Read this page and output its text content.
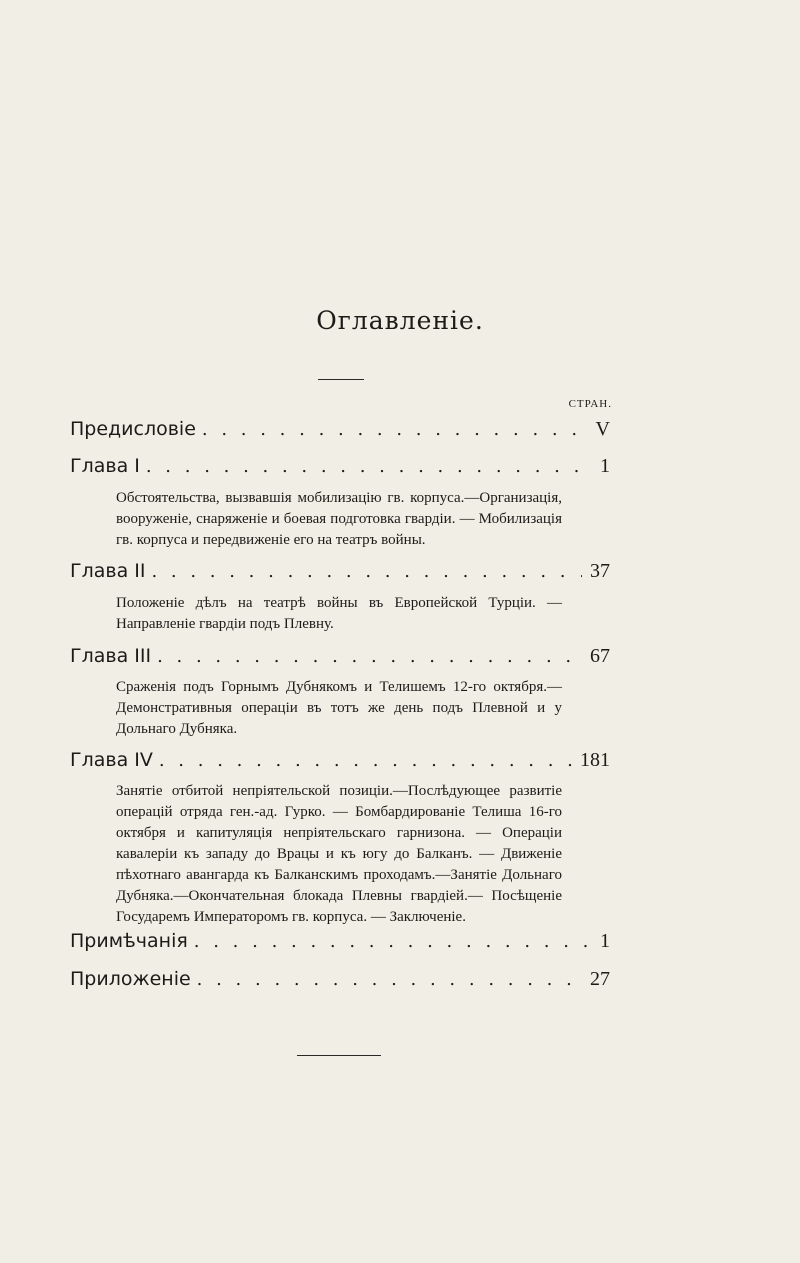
Оглавленіе.
СТРАН.
Предисловіе . . .	V
Глава I . . .	1
Обстоятельства, вызвавшія мобилизацію гв. корпуса.—Организація, вооруженіе, снаряженіе и боевая подготовка гвардіи. — Мобилизація гв. корпуса и передвиженіе его на театръ войны.
Глава II . . .	37
Положеніе дѣлъ на театрѣ войны въ Европейской Турціи. — Направленіе гвардіи подъ Плевну.
Глава III . . .	67
Сраженія подъ Горнымъ Дубнякомъ и Телишемъ 12-го октября.—Демонстративныя операціи въ тотъ же день подъ Плевной и у Дольнаго Дубняка.
Глава IV . . .	181
Занятіе отбитой непріятельской позиціи.—Послѣдующее развитіе операцій отряда ген.-ад. Гурко. — Бомбардированіе Телиша 16-го октября и капитуляція непріятельскаго гарнизона. — Операціи кавалеріи къ западу до Врацы и къ югу до Балканъ. — Движеніе пѣхотнаго авангарда къ Балканскимъ проходамъ.—Занятіе Дольнаго Дубняка.—Окончательная блокада Плевны гвардіей.— Посѣщеніе Государемъ Императоромъ гв. корпуса. — Заключеніе.
Примѣчанія . . .	1
Приложеніе . . .	27
